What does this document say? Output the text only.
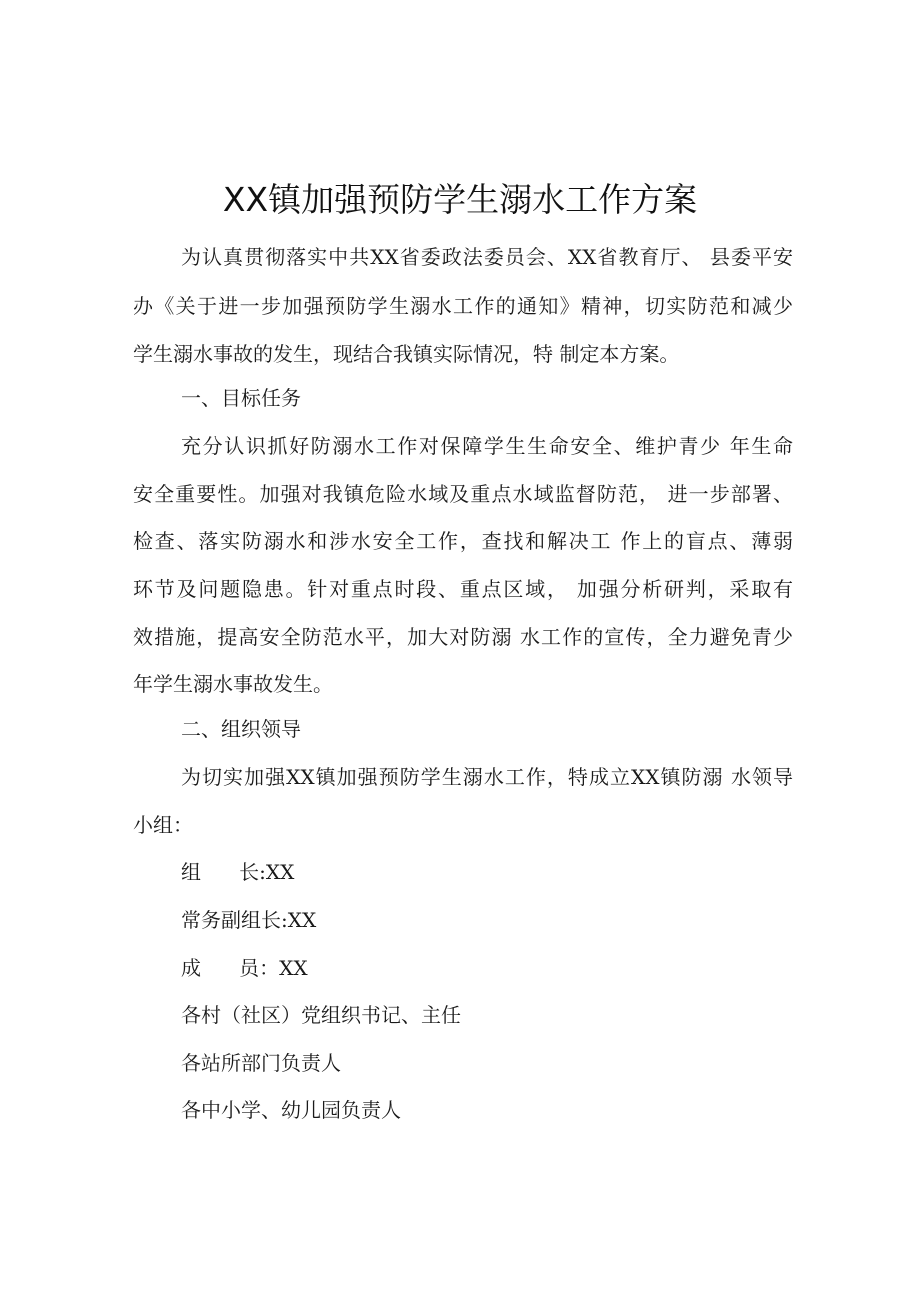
XX镇加强预防学生溺水工作方案
为认真贯彻落实中共XX省委政法委员会、XX省教育厅、 县委平安
办《关于进一步加强预防学生溺水工作的通知》精神，切实防范和减少
学生溺水事故的发生，现结合我镇实际情况，特 制定本方案。
一、目标任务
充分认识抓好防溺水工作对保障学生生命安全、维护青少 年生命
安全重要性。加强对我镇危险水域及重点水域监督防范， 进一步部署、
检查、落实防溺水和涉水安全工作，查找和解决工 作上的盲点、薄弱
环节及问题隐患。针对重点时段、重点区域， 加强分析研判，采取有
效措施，提高安全防范水平，加大对防溺 水工作的宣传，全力避免青少
年学生溺水事故发生。
二、组织领导
为切实加强XX镇加强预防学生溺水工作，特成立XX镇防溺 水领导
小组：
组      长:XX
常务副组长:XX
成      员：XX
各村（社区）党组织书记、主任
各站所部门负责人
各中小学、幼儿园负责人
